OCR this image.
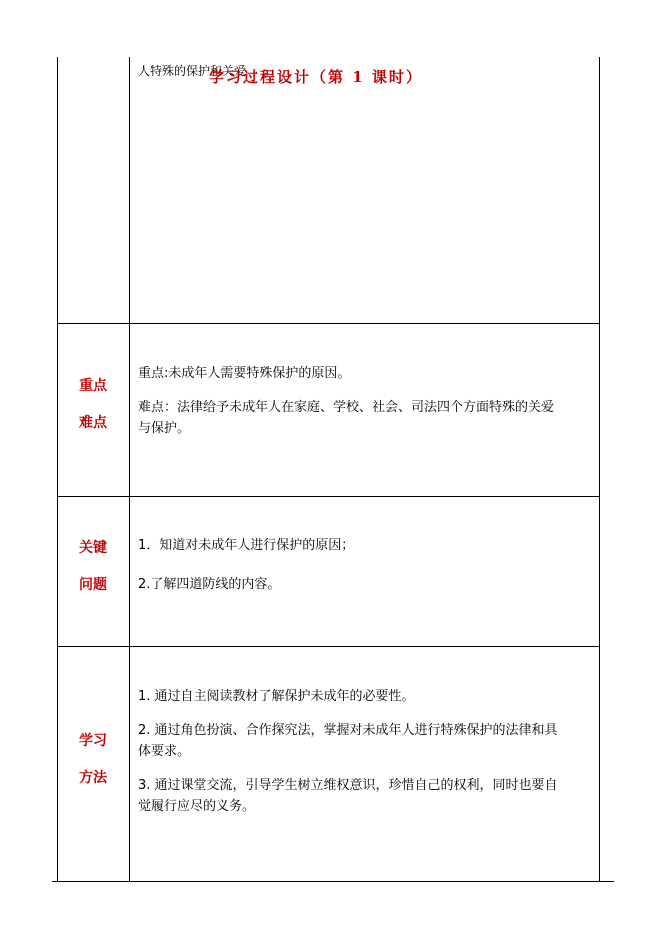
人特殊的保护和关爱
学习过程设计（第 1 课时）

重点

难点

重点:未成年人需要特殊保护的原因。

难点：法律给予未成年人在家庭、学校、社会、司法四个方面特殊的关爱

与保护。

关键

问题

1．知道对未成年人进行保护的原因；

2.了解四道防线的内容。

学习

方法

1. 通过自主阅读教材了解保护未成年的必要性。

2. 通过角色扮演、合作探究法，掌握对未成年人进行特殊保护的法律和具

体要求。

3. 通过课堂交流，引导学生树立维权意识，珍惜自己的权利，同时也要自

觉履行应尽的义务。
